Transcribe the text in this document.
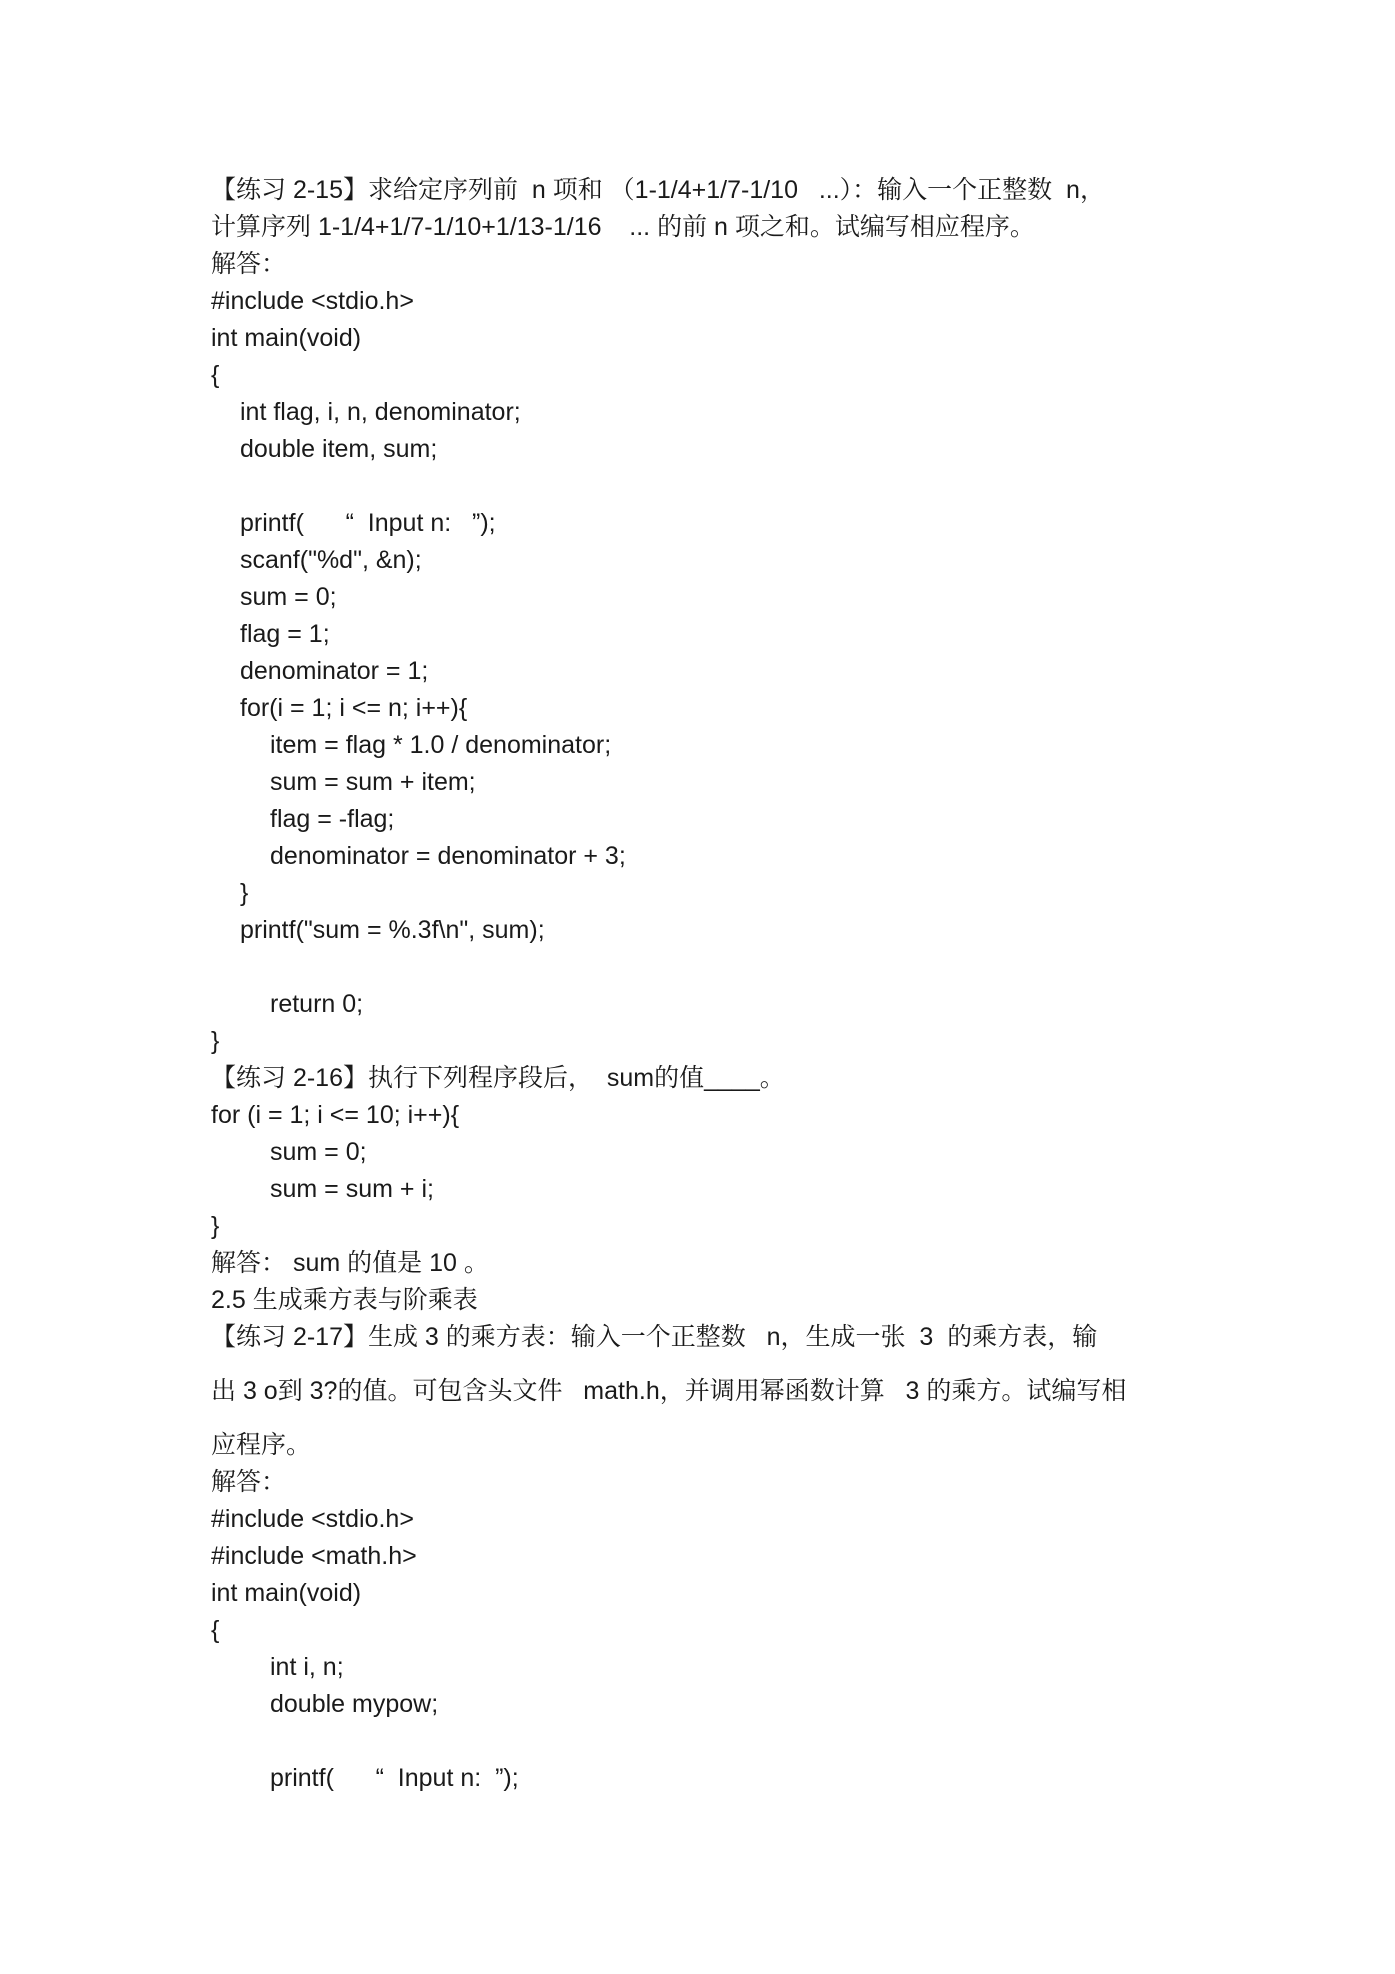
【练习 2-15】求给定序列前  n 项和 （1-1/4+1/7-1/10   ...）：输入一个正整数  n，

计算序列 1-1/4+1/7-1/10+1/13-1/16    ... 的前 n 项之和。试编写相应程序。

解答：

#include <stdio.h>

int main(void)

{

int flag, i, n, denominator;

double item, sum;

printf(      “  Input n:   ”);

scanf("%d", &n);

sum = 0;

flag = 1;

denominator = 1;

for(i = 1; i <= n; i++){

item = flag * 1.0 / denominator;

sum = sum + item;

flag = -flag;

denominator = denominator + 3;

}

printf("sum = %.3f\n", sum);

return 0;

}

【练习 2-16】执行下列程序段后，  sum的值____。

for (i = 1; i <= 10; i++){

sum = 0;

sum = sum + i;

}

解答： sum 的值是 10 。

2.5 生成乘方表与阶乘表

【练习 2-17】生成 3 的乘方表：输入一个正整数   n，生成一张  3  的乘方表，输

出 3 o到 3?的值。可包含头文件   math.h，并调用幂函数计算   3 的乘方。试编写相

应程序。

解答：

#include <stdio.h>

#include <math.h>

int main(void)

{

int i, n;

double mypow;

printf(      “  Input n:  ”);
